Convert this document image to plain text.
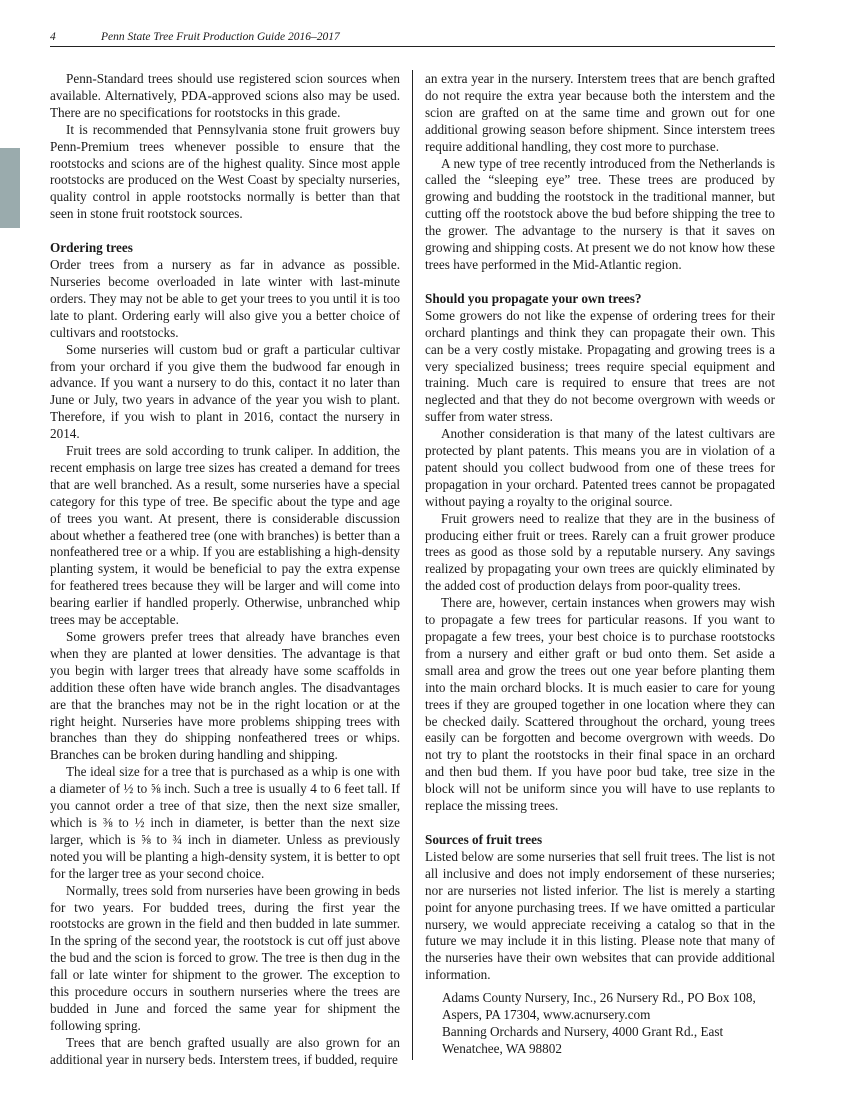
4	Penn State Tree Fruit Production Guide 2016–2017

Penn-Standard trees should use registered scion sources when available. Alternatively, PDA-approved scions also may be used. There are no specifications for rootstocks in this grade.

It is recommended that Pennsylvania stone fruit growers buy Penn-Premium trees whenever possible to ensure that the rootstocks and scions are of the highest quality. Since most apple rootstocks are produced on the West Coast by specialty nurseries, quality control in apple rootstocks normally is better than that seen in stone fruit rootstock sources.

Ordering trees

Order trees from a nursery as far in advance as possible. Nurseries become overloaded in late winter with last-minute orders. They may not be able to get your trees to you until it is too late to plant. Ordering early will also give you a better choice of cultivars and rootstocks.

Some nurseries will custom bud or graft a particular cultivar from your orchard if you give them the budwood far enough in advance. If you want a nursery to do this, contact it no later than June or July, two years in advance of the year you wish to plant. Therefore, if you wish to plant in 2016, contact the nursery in 2014.

Fruit trees are sold according to trunk caliper. In addition, the recent emphasis on large tree sizes has created a demand for trees that are well branched. As a result, some nurseries have a special category for this type of tree. Be specific about the type and age of trees you want. At present, there is considerable discussion about whether a feathered tree (one with branches) is better than a nonfeathered tree or a whip. If you are establishing a high-density planting system, it would be beneficial to pay the extra expense for feathered trees because they will be larger and will come into bearing earlier if handled properly. Otherwise, unbranched whip trees may be acceptable.

Some growers prefer trees that already have branches even when they are planted at lower densities. The advantage is that you begin with larger trees that already have some scaffolds in addition these often have wide branch angles. The disadvantages are that the branches may not be in the right location or at the right height. Nurseries have more problems shipping trees with branches than they do shipping nonfeathered trees or whips. Branches can be broken during handling and shipping.

The ideal size for a tree that is purchased as a whip is one with a diameter of ½ to ⅝ inch. Such a tree is usually 4 to 6 feet tall. If you cannot order a tree of that size, then the next size smaller, which is ⅜ to ½ inch in diameter, is better than the next size larger, which is ⅝ to ¾ inch in diameter. Unless as previously noted you will be planting a high-density system, it is better to opt for the larger tree as your second choice.

Normally, trees sold from nurseries have been growing in beds for two years. For budded trees, during the first year the rootstocks are grown in the field and then budded in late summer. In the spring of the second year, the rootstock is cut off just above the bud and the scion is forced to grow. The tree is then dug in the fall or late winter for shipment to the grower. The exception to this procedure occurs in southern nurseries where the trees are budded in June and forced the same year for shipment the following spring.

Trees that are bench grafted usually are also grown for an additional year in nursery beds. Interstem trees, if budded, require

an extra year in the nursery. Interstem trees that are bench grafted do not require the extra year because both the interstem and the scion are grafted on at the same time and grown out for one additional growing season before shipment. Since interstem trees require additional handling, they cost more to purchase.

A new type of tree recently introduced from the Netherlands is called the “sleeping eye” tree. These trees are produced by growing and budding the rootstock in the traditional manner, but cutting off the rootstock above the bud before shipping the tree to the grower. The advantage to the nursery is that it saves on growing and shipping costs. At present we do not know how these trees have performed in the Mid-Atlantic region.

Should you propagate your own trees?

Some growers do not like the expense of ordering trees for their orchard plantings and think they can propagate their own. This can be a very costly mistake. Propagating and growing trees is a very specialized business; trees require special equipment and training. Much care is required to ensure that trees are not neglected and that they do not become overgrown with weeds or suffer from water stress.

Another consideration is that many of the latest cultivars are protected by plant patents. This means you are in violation of a patent should you collect budwood from one of these trees for propagation in your orchard. Patented trees cannot be propagated without paying a royalty to the original source.

Fruit growers need to realize that they are in the business of producing either fruit or trees. Rarely can a fruit grower produce trees as good as those sold by a reputable nursery. Any savings realized by propagating your own trees are quickly eliminated by the added cost of production delays from poor-quality trees.

There are, however, certain instances when growers may wish to propagate a few trees for particular reasons. If you want to propagate a few trees, your best choice is to purchase rootstocks from a nursery and either graft or bud onto them. Set aside a small area and grow the trees out one year before planting them into the main orchard blocks. It is much easier to care for young trees if they are grouped together in one location where they can be checked daily. Scattered throughout the orchard, young trees easily can be forgotten and become overgrown with weeds. Do not try to plant the rootstocks in their final space in an orchard and then bud them. If you have poor bud take, tree size in the block will not be uniform since you will have to use replants to replace the missing trees.

Sources of fruit trees

Listed below are some nurseries that sell fruit trees. The list is not all inclusive and does not imply endorsement of these nurseries; nor are nurseries not listed inferior. The list is merely a starting point for anyone purchasing trees. If we have omitted a particular nursery, we would appreciate receiving a catalog so that in the future we may include it in this listing. Please note that many of the nurseries have their own websites that can provide additional information.

Adams County Nursery, Inc., 26 Nursery Rd., PO Box 108, Aspers, PA 17304, www.acnursery.com

Banning Orchards and Nursery, 4000 Grant Rd., East Wenatchee, WA 98802
